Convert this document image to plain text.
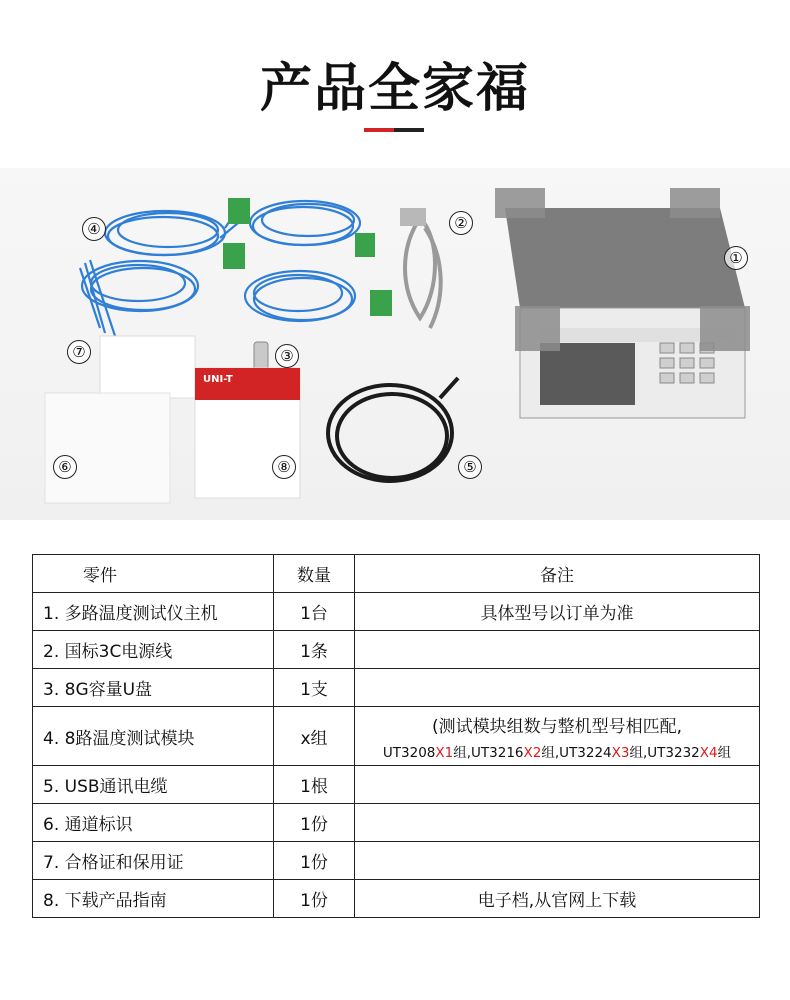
产品全家福
①
②
③
④
⑤
⑥
⑦
⑧
UNI-T
零件	数量	备注
1. 多路温度测试仪主机	1台	具体型号以订单为准
2. 国标3C电源线	1条	
3. 8G容量U盘	1支	
4. 8路温度测试模块	x组	(测试模块组数与整机型号相匹配,
UT3208X1组,UT3216X2组,UT3224X3组,UT3232X4组

5. USB通讯电缆	1根	
6. 通道标识	1份	
7. 合格证和保用证	1份	
8. 下载产品指南	1份	电子档,从官网上下载
